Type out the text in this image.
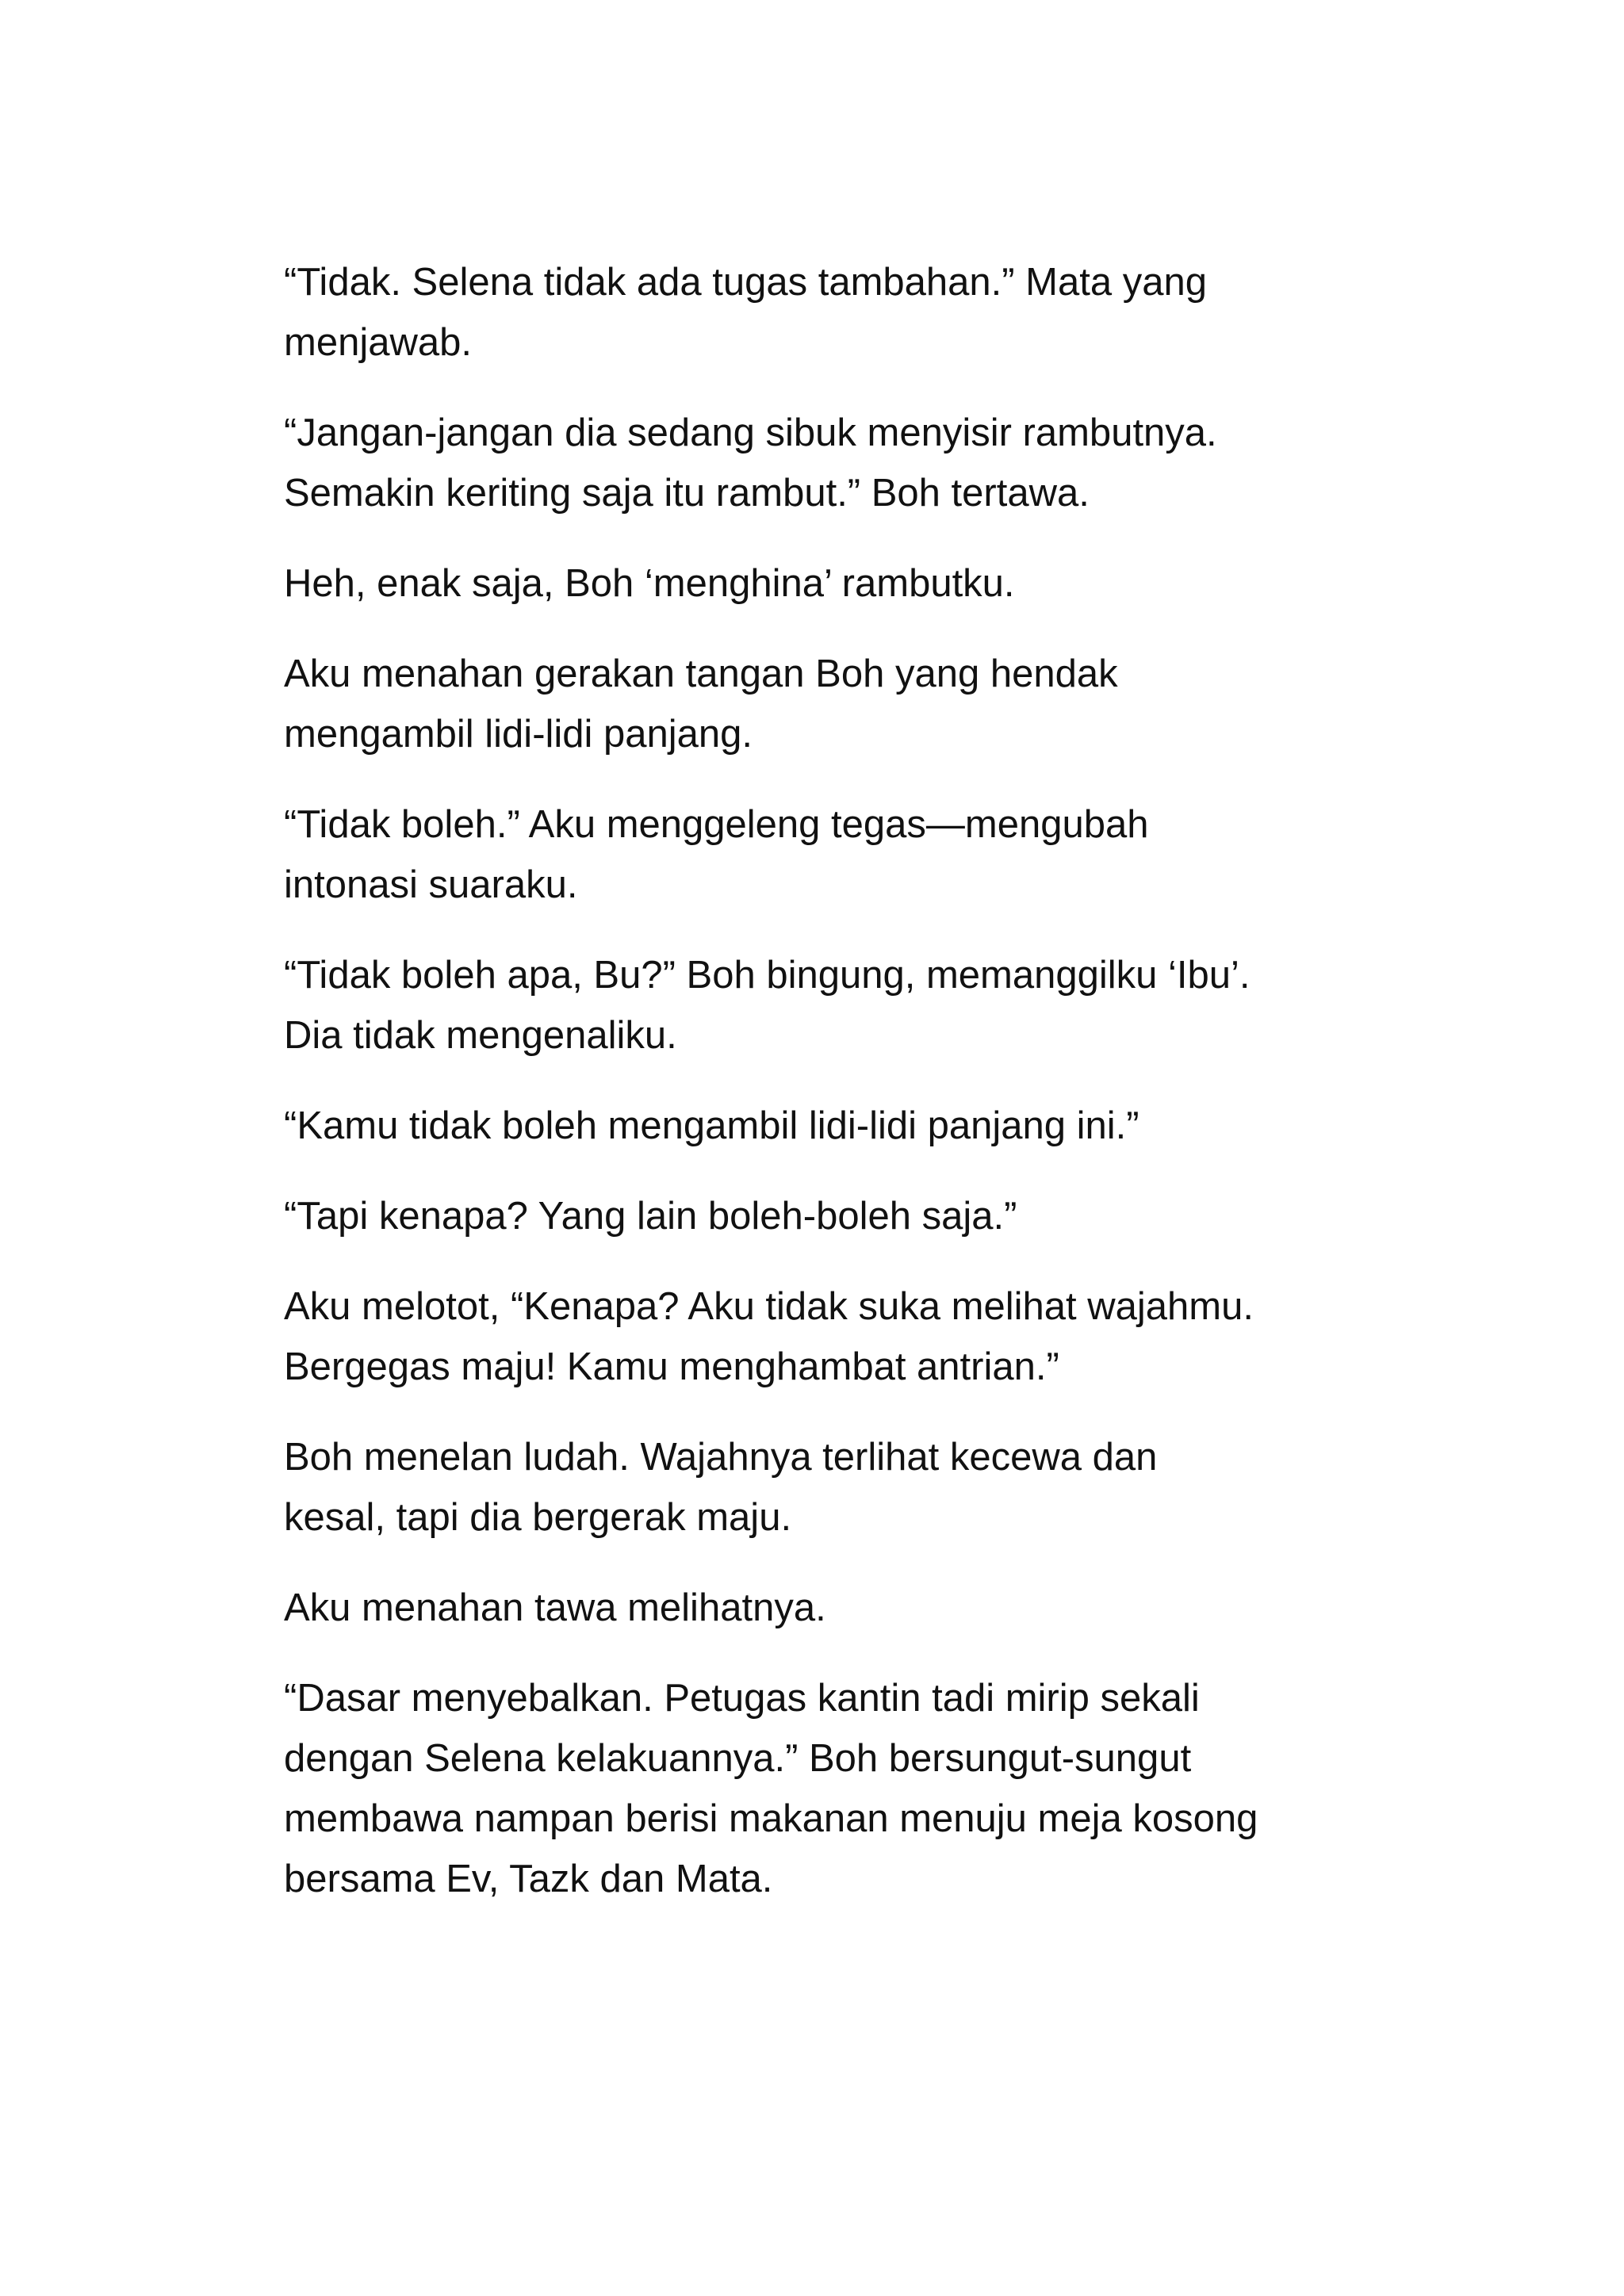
“Tidak. Selena tidak ada tugas tambahan.” Mata yang
menjawab.

“Jangan-jangan dia sedang sibuk menyisir rambutnya.
Semakin keriting saja itu rambut.” Boh tertawa.

Heh, enak saja, Boh ‘menghina’ rambutku.

Aku menahan gerakan tangan Boh yang hendak
mengambil lidi-lidi panjang.

“Tidak boleh.” Aku menggeleng tegas—mengubah
intonasi suaraku.

“Tidak boleh apa, Bu?” Boh bingung, memanggilku ‘Ibu’.
Dia tidak mengenaliku.

“Kamu tidak boleh mengambil lidi-lidi panjang ini.”

“Tapi kenapa? Yang lain boleh-boleh saja.”

Aku melotot, “Kenapa? Aku tidak suka melihat wajahmu.
Bergegas maju! Kamu menghambat antrian.”

Boh menelan ludah. Wajahnya terlihat kecewa dan
kesal, tapi dia bergerak maju.

Aku menahan tawa melihatnya.

“Dasar menyebalkan. Petugas kantin tadi mirip sekali
dengan Selena kelakuannya.” Boh bersungut-sungut
membawa nampan berisi makanan menuju meja kosong
bersama Ev, Tazk dan Mata.
